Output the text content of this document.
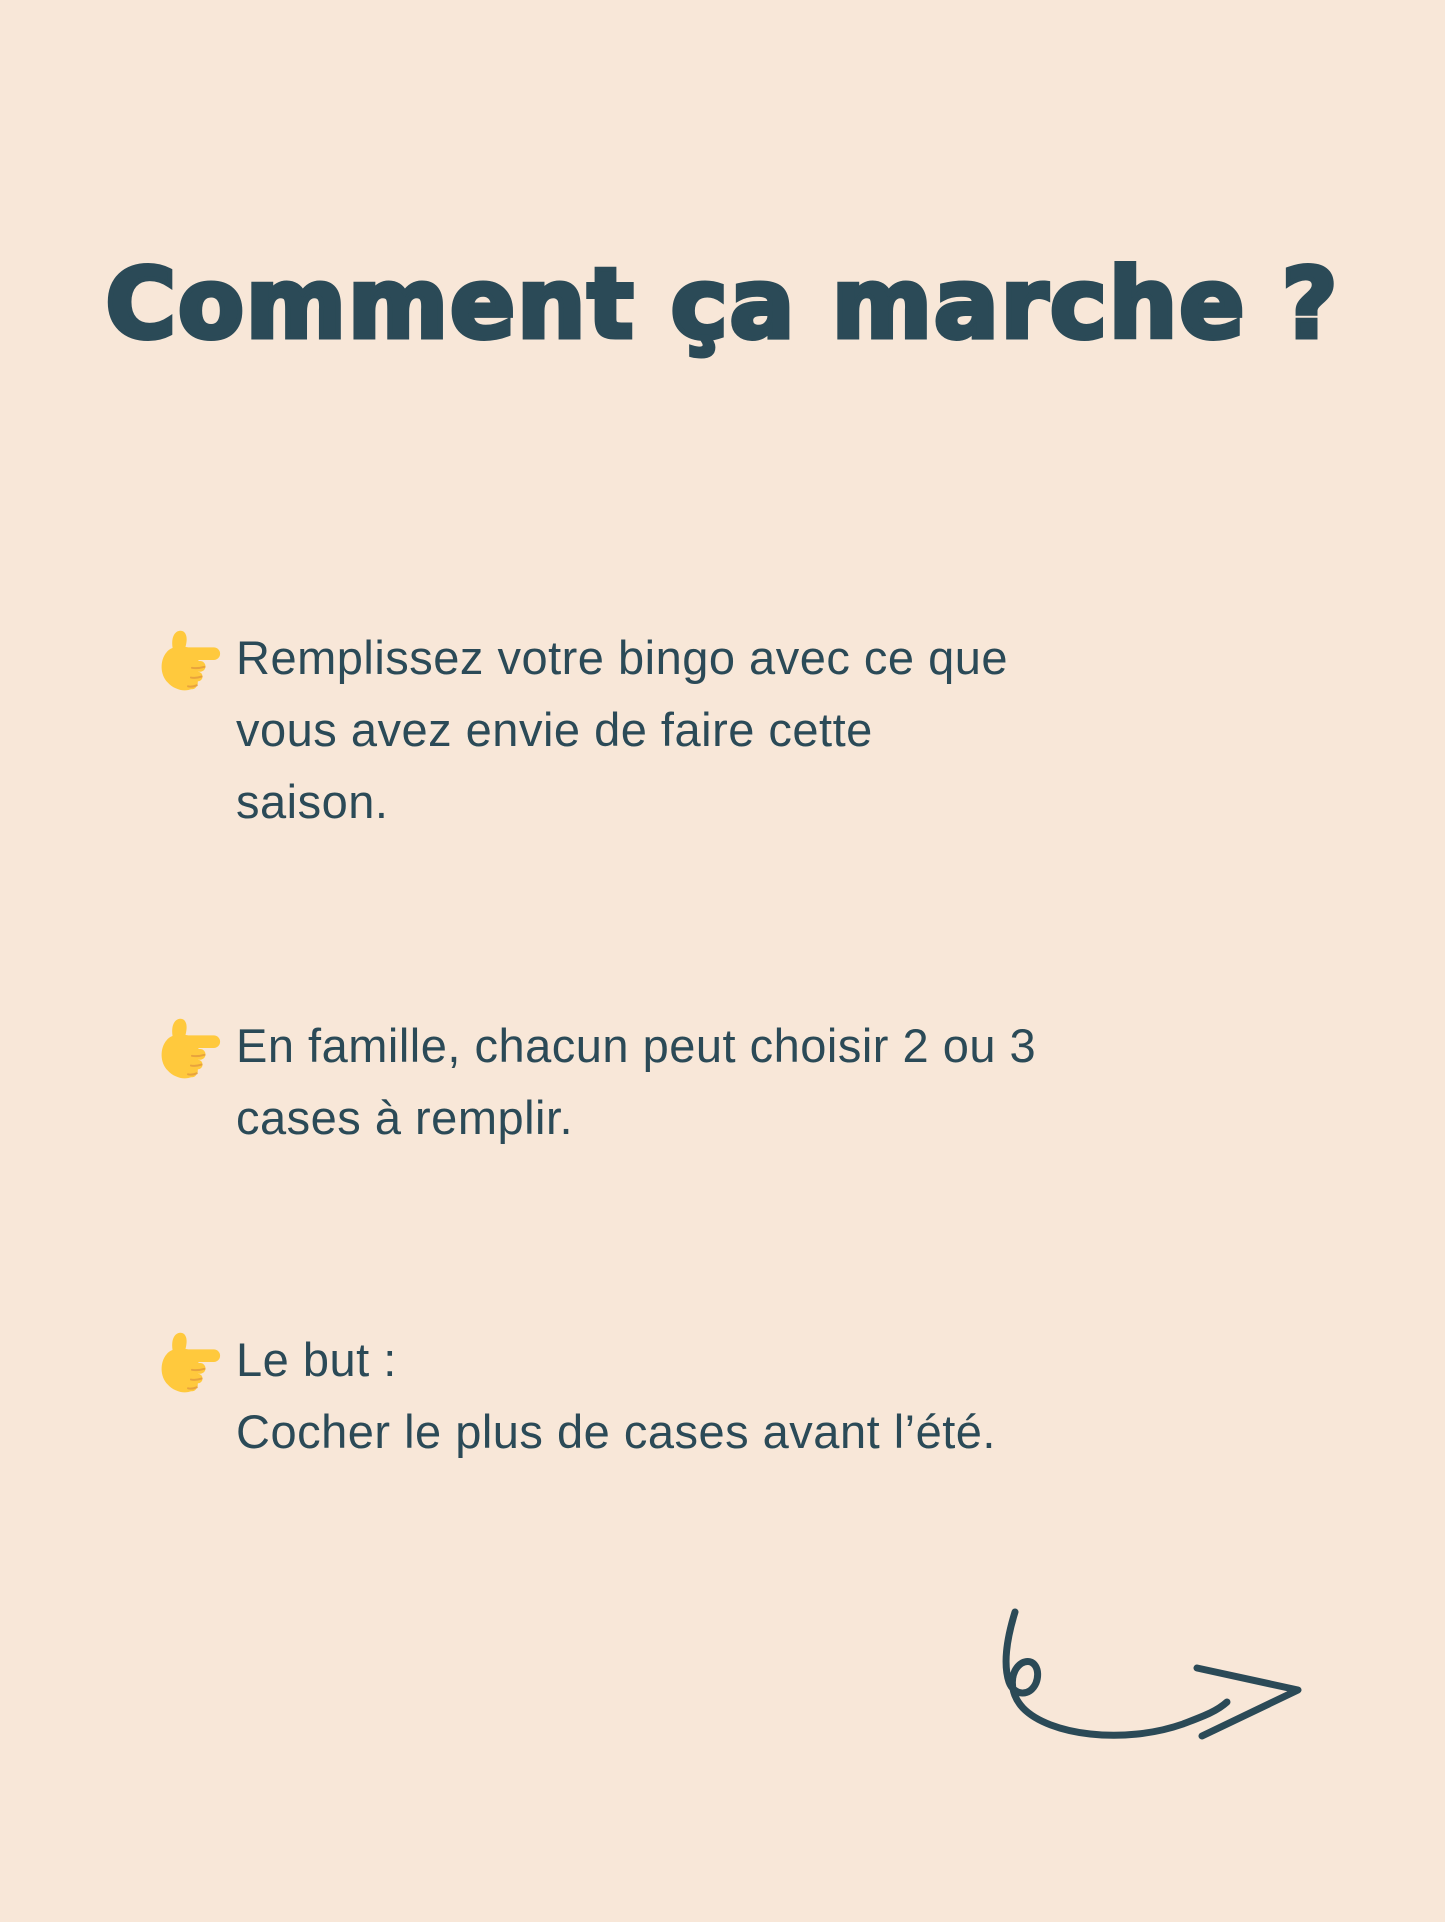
Comment ça marche ?
Remplissez votre bingo avec ce que
vous avez envie de faire cette
saison.
En famille, chacun peut choisir 2 ou 3
cases à remplir.
Le but :
Cocher le plus de cases avant l’été.
